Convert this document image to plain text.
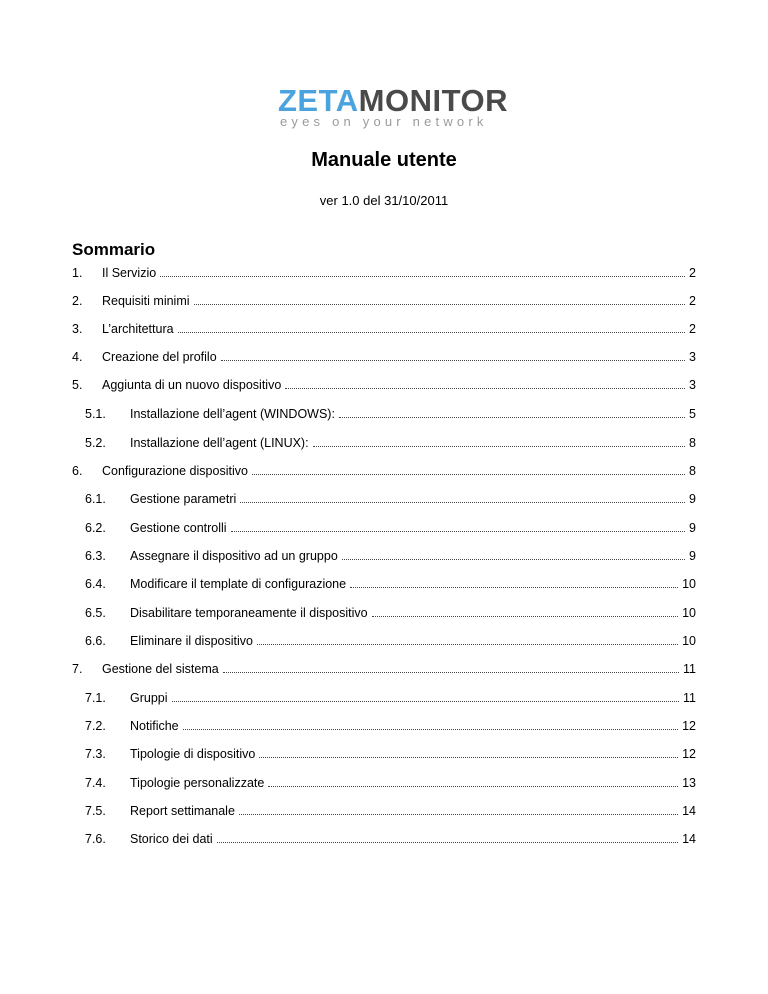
ZETAMONITOR
eyes on your network
Manuale utente
ver 1.0 del 31/10/2011
Sommario
1.	Il Servizio	2
2.	Requisiti minimi	2
3.	L’architettura	2
4.	Creazione del profilo	3
5.	Aggiunta di un nuovo dispositivo	3
5.1.	Installazione dell’agent (WINDOWS):	5
5.2.	Installazione dell’agent (LINUX):	8
6.	Configurazione dispositivo	8
6.1.	Gestione parametri	9
6.2.	Gestione controlli	9
6.3.	Assegnare il dispositivo ad un gruppo	9
6.4.	Modificare il template di configurazione	10
6.5.	Disabilitare temporaneamente il dispositivo	10
6.6.	Eliminare il dispositivo	10
7.	Gestione del sistema	11
7.1.	Gruppi	11
7.2.	Notifiche	12
7.3.	Tipologie di dispositivo	12
7.4.	Tipologie personalizzate	13
7.5.	Report settimanale	14
7.6.	Storico dei dati	14
